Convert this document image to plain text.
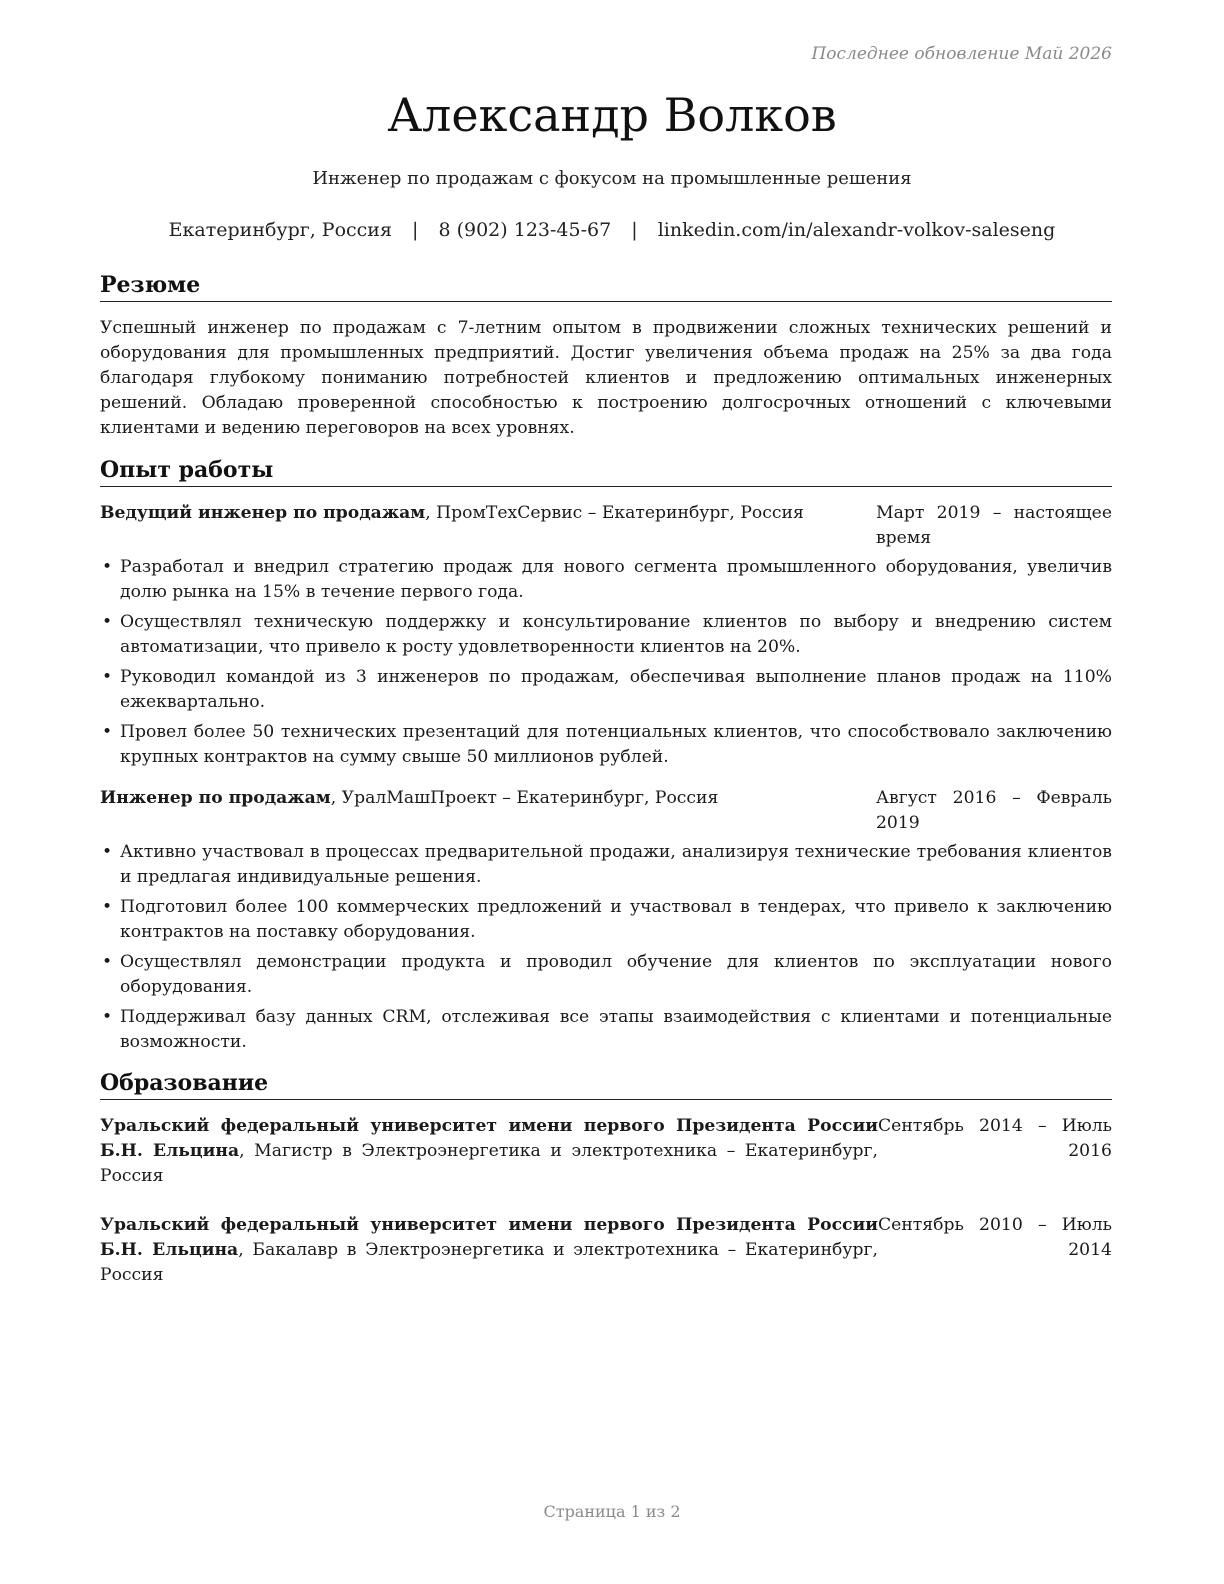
Последнее обновление Май 2026
Александр Волков
Инженер по продажам с фокусом на промышленные решения
Екатеринбург, Россия | 8 (902) 123-45-67 | linkedin.com/in/alexandr-volkov-saleseng
Резюме

Успешный инженер по продажам с 7-летним опытом в продвижении сложных технических решений и оборудования для промышленных предприятий. Достиг увеличения объема продаж на 25% за два года благодаря глубокому пониманию потребностей клиентов и предложению оптимальных инженерных решений. Обладаю проверенной способностью к построению долгосрочных отношений с ключевыми клиентами и ведению переговоров на всех уровнях.

Опыт работы
Ведущий инженер по продажам, ПромТехСервис – Екатеринбург, Россия	Март 2019 – настоящее
время
• Разработал и внедрил стратегию продаж для нового сегмента промышленного оборудования, увеличив долю рынка на 15% в течение первого года.
• Осуществлял техническую поддержку и консультирование клиентов по выбору и внедрению систем автоматизации, что привело к росту удовлетворенности клиентов на 20%.
• Руководил командой из 3 инженеров по продажам, обеспечивая выполнение планов продаж на 110% ежеквартально.
• Провел более 50 технических презентаций для потенциальных клиентов, что способствовало заключению крупных контрактов на сумму свыше 50 миллионов рублей.
Инженер по продажам, УралМашПроект – Екатеринбург, Россия	Август 2016 – Февраль
2019
• Активно участвовал в процессах предварительной продажи, анализируя технические требования клиентов и предлагая индивидуальные решения.
• Подготовил более 100 коммерческих предложений и участвовал в тендерах, что привело к заключению контрактов на поставку оборудования.
• Осуществлял демонстрации продукта и проводил обучение для клиентов по эксплуатации нового оборудования.
• Поддерживал базу данных CRM, отслеживая все этапы взаимодействия с клиентами и потенциальные возможности.
Образование
Уральский федеральный университет имени первого Президента России Б.Н. Ельцина, Магистр в Электроэнергетика и электротехника – Екатеринбург, Россия
Сентябрь 2014 – Июль
2016
Уральский федеральный университет имени первого Президента России Б.Н. Ельцина, Бакалавр в Электроэнергетика и электротехника – Екатеринбург, Россия
Сентябрь 2010 – Июль
2014
Страница 1 из 2
